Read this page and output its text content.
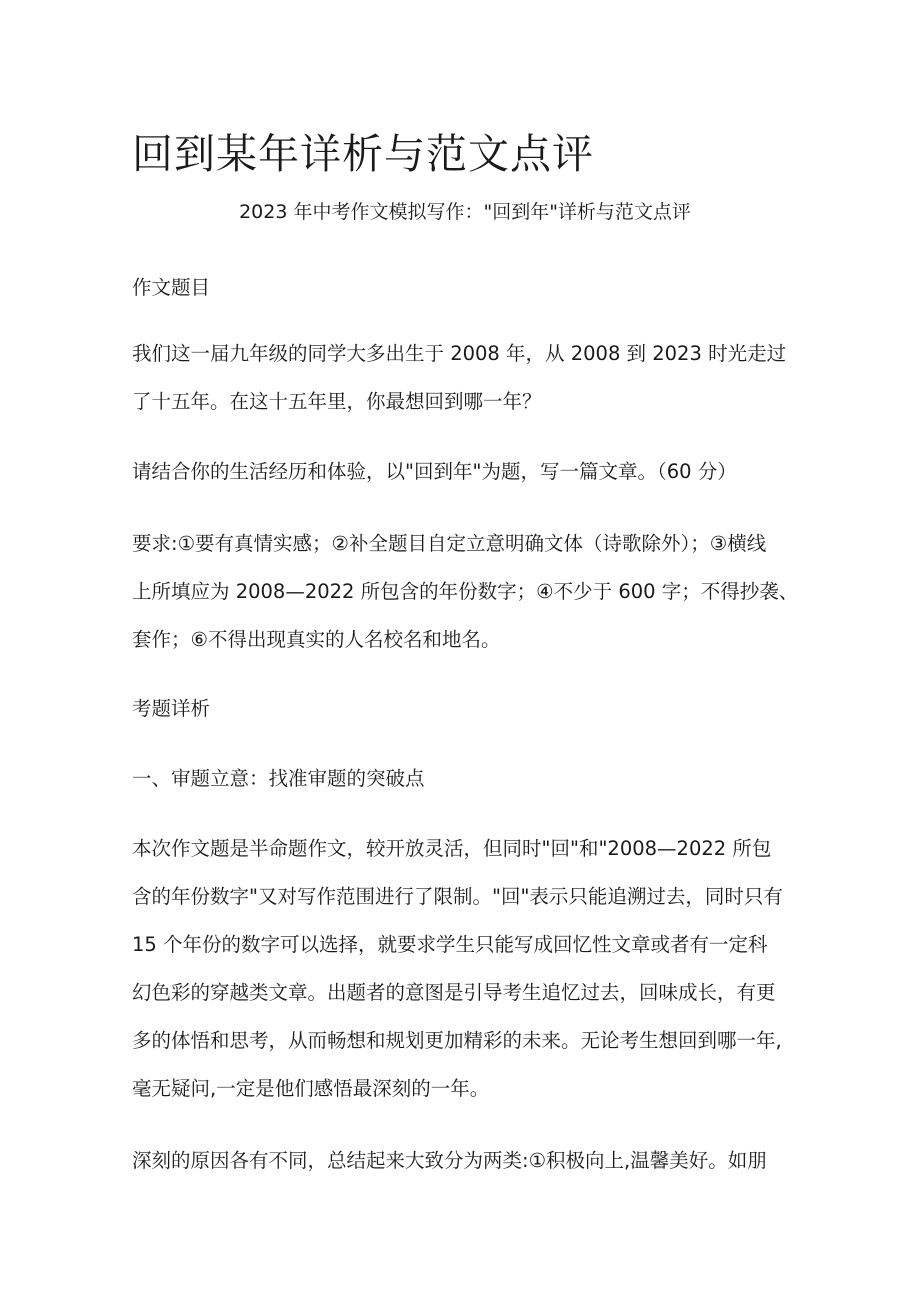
回到某年详析与范文点评
2023 年中考作文模拟写作："回到年"详析与范文点评

作文题目

我们这一届九年级的同学大多出生于 2008 年，从 2008 到 2023 时光走过
了十五年。在这十五年里，你最想回到哪一年？

请结合你的生活经历和体验，以"回到年"为题，写一篇文章。（60 分）

要求:①要有真情实感；②补全题目自定立意明确文体（诗歌除外）；③横线
上所填应为 2008—2022 所包含的年份数字；④不少于 600 字；不得抄袭、
套作；⑥不得出现真实的人名校名和地名。

考题详析

一、审题立意：找准审题的突破点

本次作文题是半命题作文，较开放灵活，但同时"回"和"2008—2022 所包
含的年份数字"又对写作范围进行了限制。"回"表示只能追溯过去，同时只有
15 个年份的数字可以选择，就要求学生只能写成回忆性文章或者有一定科
幻色彩的穿越类文章。出题者的意图是引导考生追忆过去，回味成长，有更
多的体悟和思考，从而畅想和规划更加精彩的未来。无论考生想回到哪一年,
毫无疑问,一定是他们感悟最深刻的一年。

深刻的原因各有不同，总结起来大致分为两类:①积极向上,温馨美好。如朋
